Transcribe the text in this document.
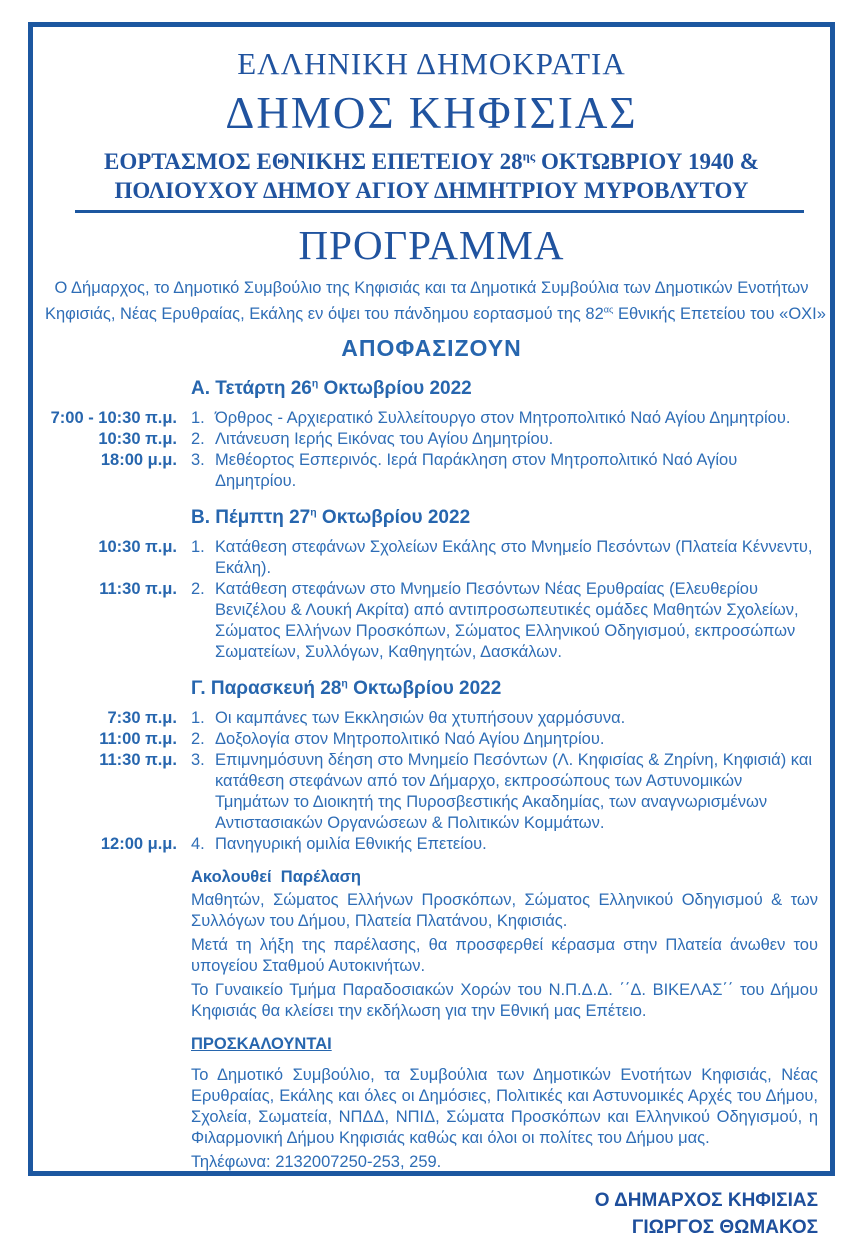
ΕΛΛΗΝΙΚΗ ΔΗΜΟΚΡΑΤΙΑ
ΔΗΜΟΣ ΚΗΦΙΣΙΑΣ
ΕΟΡΤΑΣΜΟΣ ΕΘΝΙΚΗΣ ΕΠΕΤΕΙΟΥ $28^{\eta\varsigma}$ ΟΚΤΩΒΡΙΟΥ 1940 &
ΠΟΛΙΟΥΧΟΥ ΔΗΜΟΥ ΑΓΙΟΥ ΔΗΜΗΤΡΙΟΥ ΜΥΡΟΒΛΥΤΟΥ
ΠΡΟΓΡΑΜΜΑ
Ο Δήμαρχος, το Δημοτικό Συμβούλιο της Κηφισιάς και τα Δημοτικά Συμβούλια των Δημοτικών Ενοτήτων
Κηφισιάς, Νέας Ερυθραίας, Εκάλης εν όψει του πάνδημου εορτασμού της $82^{\alpha\varsigma}$ Εθνικής Επετείου του «ΟΧΙ»
ΑΠΟΦΑΣΙΖΟΥΝ
Α. Τετάρτη $26^\eta$ Οκτωβρίου 2022
7:00 - 10:30 π.μ. 1. Όρθρος - Αρχιερατικό Συλλείτουργο στον Μητροπολιτικό Ναό Αγίου Δημητρίου.
10:30 π.μ. 2. Λιτάνευση Ιερής Εικόνας του Αγίου Δημητρίου.
18:00 μ.μ. 3. Μεθέορτος Εσπερινός. Ιερά Παράκληση στον Μητροπολιτικό Ναό Αγίου Δημητρίου.
Β. Πέμπτη $27^\eta$ Οκτωβρίου 2022
10:30 π.μ. 1. Κατάθεση στεφάνων Σχολείων Εκάλης στο Μνημείο Πεσόντων (Πλατεία Κέννεντυ, Εκάλη).
11:30 π.μ. 2. Κατάθεση στεφάνων στο Μνημείο Πεσόντων Νέας Ερυθραίας (Ελευθερίου Βενιζέλου & Λουκή Ακρίτα) από αντιπροσωπευτικές ομάδες Μαθητών Σχολείων, Σώματος Ελλήνων Προσκόπων, Σώματος Ελληνικού Οδηγισμού, εκπροσώπων Σωματείων, Συλλόγων, Καθηγητών, Δασκάλων.
Γ. Παρασκευή $28^\eta$ Οκτωβρίου 2022
7:30 π.μ. 1. Οι καμπάνες των Εκκλησιών θα χτυπήσουν χαρμόσυνα.
11:00 π.μ. 2. Δοξολογία στον Μητροπολιτικό Ναό Αγίου Δημητρίου.
11:30 π.μ. 3. Επιμνημόσυνη δέηση στο Μνημείο Πεσόντων (Λ. Κηφισίας & Ζηρίνη, Κηφισιά) και κατάθεση στεφάνων από τον Δήμαρχο, εκπροσώπους των Αστυνομικών Τμημάτων το Διοικητή της Πυροσβεστικής Ακαδημίας, των αναγνωρισμένων Αντιστασιακών Οργανώσεων & Πολιτικών Κομμάτων.
12:00 μ.μ. 4. Πανηγυρική ομιλία Εθνικής Επετείου.
Ακολουθεί  Παρέλαση

Μαθητών, Σώματος Ελλήνων Προσκόπων, Σώματος Ελληνικού Οδηγισμού & των Συλλόγων του Δήμου, Πλατεία Πλατάνου, Κηφισιάς.

Μετά τη λήξη της παρέλασης, θα προσφερθεί κέρασμα στην Πλατεία άνωθεν του υπογείου Σταθμού Αυτοκινήτων.

Το Γυναικείο Τμήμα Παραδοσιακών Χορών του Ν.Π.Δ.Δ. ΄΄Δ. ΒΙΚΕΛΑΣ΄΄ του Δήμου Κηφισιάς θα κλείσει την εκδήλωση για την Εθνική μας Επέτειο.

ΠΡΟΣΚΑΛΟΥΝΤΑΙ

Το Δημοτικό Συμβούλιο, τα Συμβούλια των Δημοτικών Ενοτήτων Κηφισιάς, Νέας Ερυθραίας, Εκάλης και όλες οι Δημόσιες, Πολιτικές και Αστυνομικές Αρχές του Δήμου, Σχολεία, Σωματεία, ΝΠΔΔ, ΝΠΙΔ, Σώματα Προσκόπων και Ελληνικού Οδηγισμού, η Φιλαρμονική Δήμου Κηφισιάς καθώς και όλοι οι πολίτες του Δήμου μας.

Τηλέφωνα: 2132007250-253, 259.

Ο ΔΗΜΑΡΧΟΣ ΚΗΦΙΣΙΑΣ
ΓΙΩΡΓΟΣ ΘΩΜΑΚΟΣ
